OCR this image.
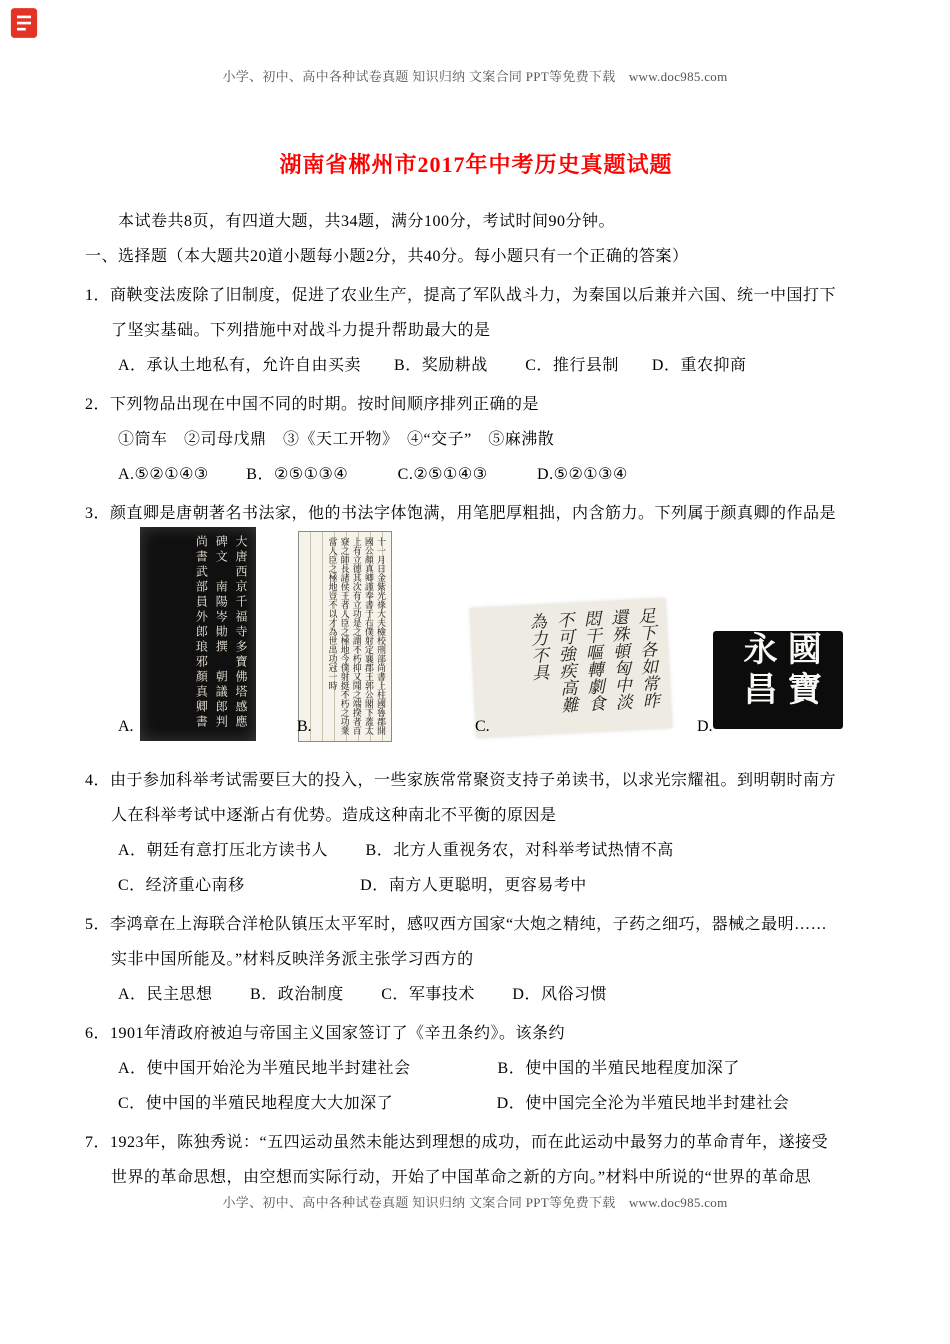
小学、初中、高中各种试卷真题 知识归纳 文案合同 PPT等免费下载　www.doc985.com
湖南省郴州市2017年中考历史真题试题
本试卷共8页，有四道大题，共34题，满分100分，考试时间90分钟。
一、选择题（本大题共20道小题每小题2分，共40分。每小题只有一个正确的答案）
1．商鞅变法废除了旧制度，促进了农业生产，提高了军队战斗力，为秦国以后兼并六国、统一中国打下
了坚实基础。下列措施中对战斗力提升帮助最大的是
A．承认土地私有，允许自由买卖　　B．奖励耕战　　 C．推行县制　　D．重农抑商
2．下列物品出现在中国不同的时期。按时间顺序排列正确的是
①筒车　②司母戊鼎　③《天工开物》　④“交子”　⑤麻沸散
A.⑤②①④③　　 B．②⑤①③④　　　C.②⑤①④③　　　D.⑤②①③④
3．颜直卿是唐朝著名书法家，他的书法字体饱满，用笔肥厚粗拙，内含筋力。下列属于颜真卿的作品是
大唐西京千福寺多寶佛塔感應碑文　南陽岑勛撰　朝議郎判尚書武部員外郎琅邪顏真卿書	十一月日金紫光祿大夫檢校刑部尚書上柱國魯郡開國公顏真卿謹奉書于右僕射定襄郡王郭公閣下蓋太上有立德其次有立功是之謂不朽抑又聞之端揆者百寮之師長諸侯王者人臣之極地今僕射挺不朽之功業當人臣之極地豈不以才為世出功冠一時	足下各如常昨還殊頓匈中淡悶干嘔轉劇食不可強疾高難為力不具	國寶永昌
A.	B.	C.	D.
4．由于参加科举考试需要巨大的投入，一些家族常常聚资支持子弟读书，以求光宗耀祖。到明朝时南方
人在科举考试中逐渐占有优势。造成这种南北不平衡的原因是
A．朝廷有意打压北方读书人　　 B．北方人重视务农，对科举考试热情不高
C．经济重心南移　　　　　　　D．南方人更聪明，更容易考中
5．李鸿章在上海联合洋枪队镇压太平军时，感叹西方国家“大炮之精纯，子药之细巧，器械之最明……
实非中国所能及。”材料反映洋务派主张学习西方的
A．民主思想　　 B．政治制度　　 C．军事技术　　 D．风俗习惯
6．1901年清政府被迫与帝国主义国家签订了《辛丑条约》。该条约
A．使中国开始沦为半殖民地半封建社会　　　　　 B．使中国的半殖民地程度加深了
C．使中国的半殖民地程度大大加深了　　　　　　 D．使中国完全沦为半殖民地半封建社会
7．1923年，陈独秀说：“五四运动虽然未能达到理想的成功，而在此运动中最努力的革命青年，遂接受
世界的革命思想，由空想而实际行动，开始了中国革命之新的方向。”材料中所说的“世界的革命思
小学、初中、高中各种试卷真题 知识归纳 文案合同 PPT等免费下载　www.doc985.com
